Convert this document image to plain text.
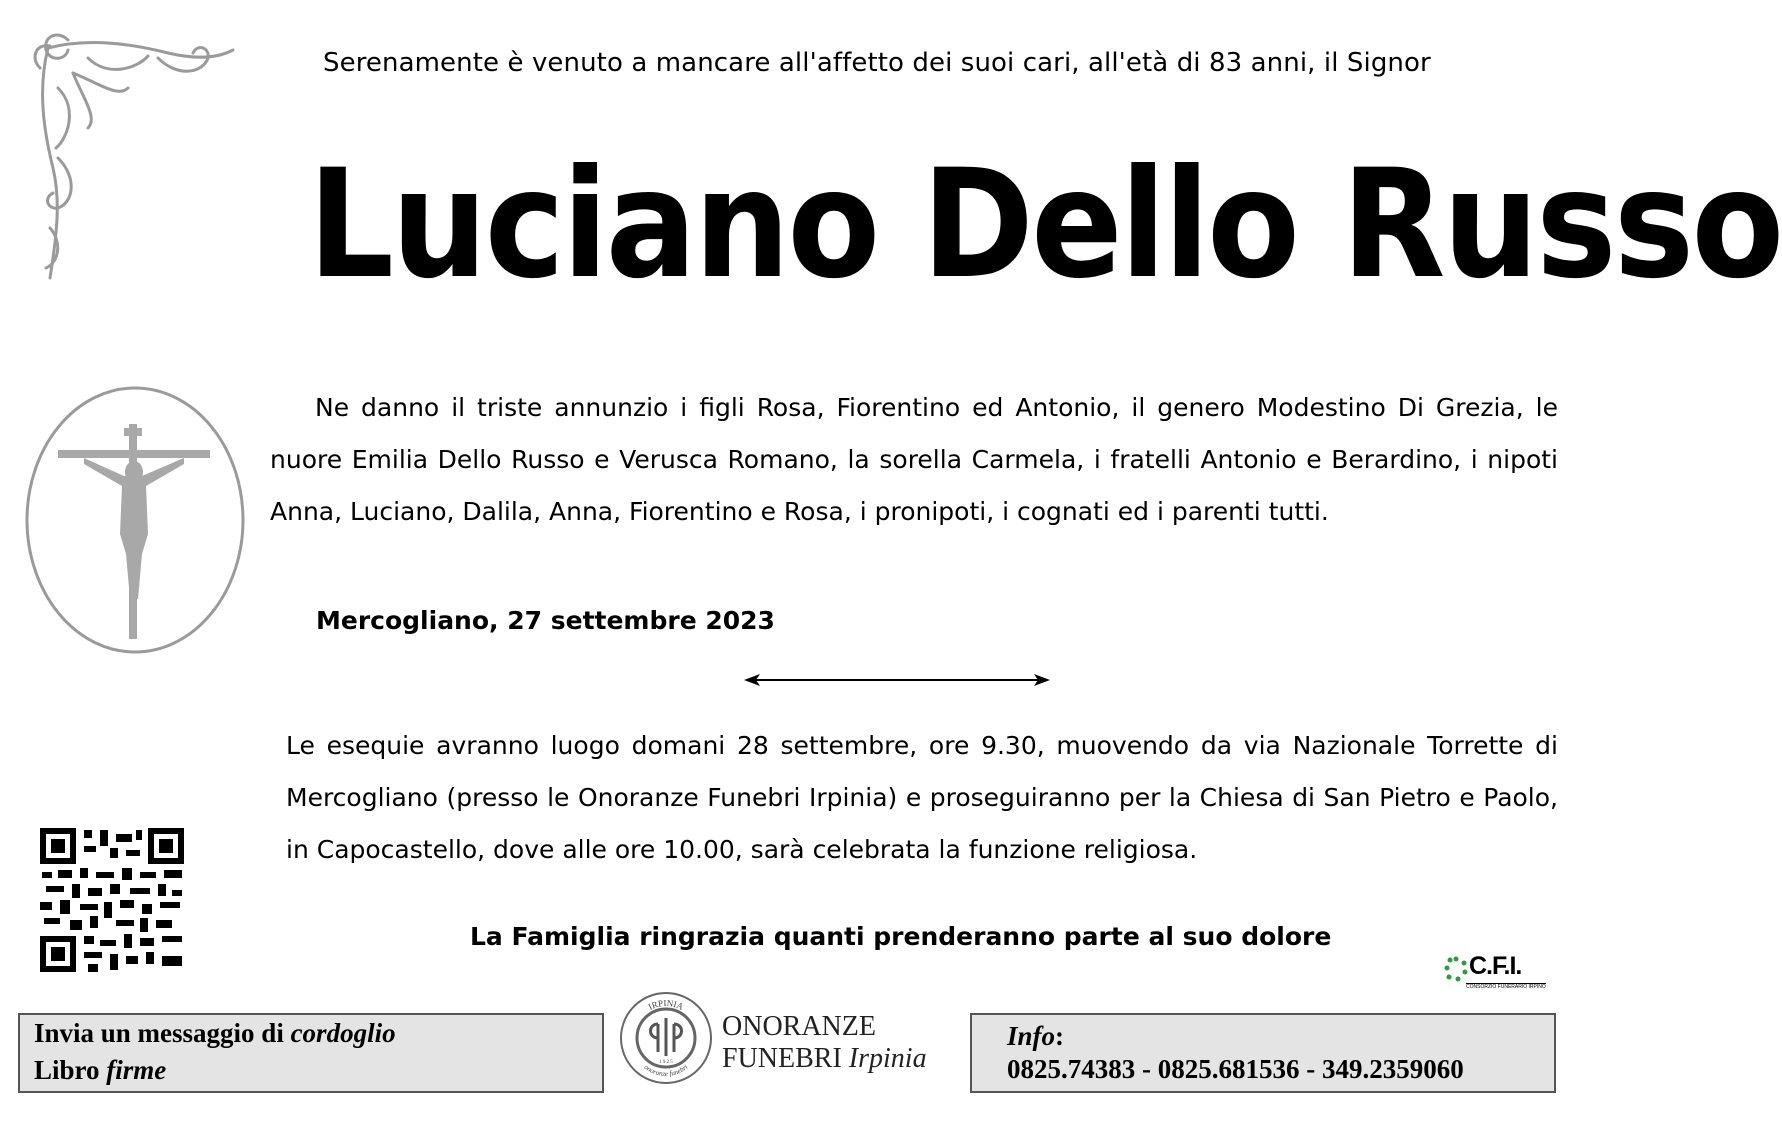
Serenamente è venuto a mancare all'affetto dei suoi cari, all'età di 83 anni, il Signor
Luciano Dello Russo
Ne danno il triste annunzio i figli Rosa, Fiorentino ed Antonio, il genero Modestino Di Grezia, le nuore Emilia Dello Russo e Verusca Romano, la sorella Carmela, i fratelli Antonio e Berardino, i nipoti Anna, Luciano, Dalila, Anna, Fiorentino e Rosa, i pronipoti, i cognati ed i parenti tutti.
Mercogliano, 27 settembre 2023
Le esequie avranno luogo domani 28 settembre, ore 9.30, muovendo da via Nazionale Torrette di Mercogliano (presso le Onoranze Funebri Irpinia) e proseguiranno per la Chiesa di San Pietro e Paolo, in Capocastello, dove alle ore 10.00, sarà celebrata la funzione religiosa.
La Famiglia ringrazia quanti prenderanno parte al suo dolore
C.F.I.
CONSORZIO FUNERARIO IRPINO
Invia un messaggio di cordoglio
Libro firme
IRPINIA
onoranze funebri
1 9 2 5
ONORANZE
FUNEBRI Irpinia
Info:
0825.74383 - 0825.681536 - 349.2359060
